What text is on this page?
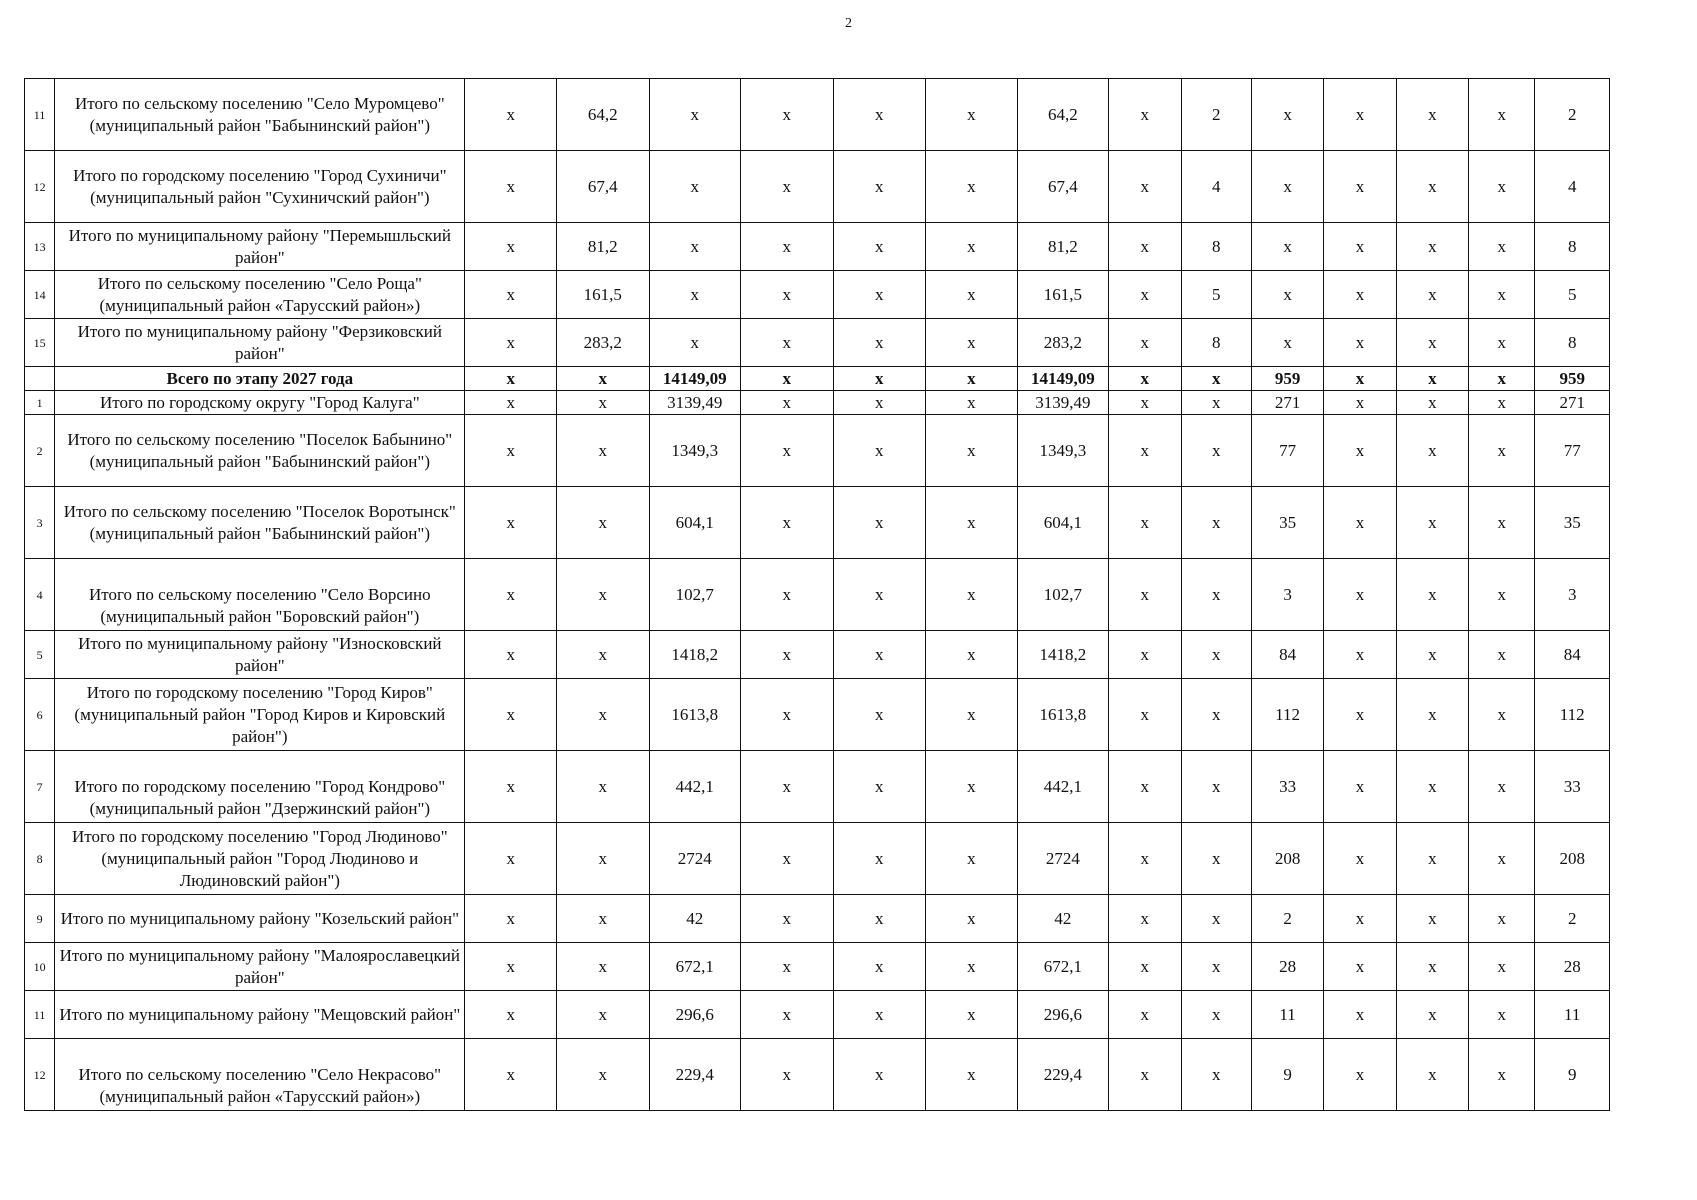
2
11	Итого по сельскому поселению "Село Муромцево" (муниципальный район "Бабынинский район")	x	64,2	x	x	x	x	64,2	x	2	x	x	x	x	2
12	Итого по городскому поселению "Город Сухиничи" (муниципальный район "Сухиничский район")	x	67,4	x	x	x	x	67,4	x	4	x	x	x	x	4
13	Итого по муниципальному району "Перемышльский район"	x	81,2	x	x	x	x	81,2	x	8	x	x	x	x	8
14	Итого по сельскому поселению "Село Роща" (муниципальный район «Тарусский район»)	x	161,5	x	x	x	x	161,5	x	5	x	x	x	x	5
15	Итого по муниципальному району "Ферзиковский район"	x	283,2	x	x	x	x	283,2	x	8	x	x	x	x	8
	Всего по этапу 2027 года	x	x	14149,09	x	x	x	14149,09	x	x	959	x	x	x	959
1	Итого по городскому округу "Город Калуга"	x	x	3139,49	x	x	x	3139,49	x	x	271	x	x	x	271
2	Итого по сельскому поселению "Поселок Бабынино" (муниципальный район "Бабынинский район")	x	x	1349,3	x	x	x	1349,3	x	x	77	x	x	x	77
3	Итого по сельскому поселению "Поселок Воротынск" (муниципальный район "Бабынинский район")	x	x	604,1	x	x	x	604,1	x	x	35	x	x	x	35
4	Итого по сельскому поселению "Село Ворсино (муниципальный район "Боровский район")	x	x	102,7	x	x	x	102,7	x	x	3	x	x	x	3
5	Итого по муниципальному району "Износковский район"	x	x	1418,2	x	x	x	1418,2	x	x	84	x	x	x	84
6	Итого по городскому поселению "Город Киров" (муниципальный район "Город Киров и Кировский район")	x	x	1613,8	x	x	x	1613,8	x	x	112	x	x	x	112
7	Итого по городскому поселению "Город Кондрово" (муниципальный район "Дзержинский район")	x	x	442,1	x	x	x	442,1	x	x	33	x	x	x	33
8	Итого по городскому поселению "Город Людиново" (муниципальный район "Город Людиново и Людиновский район")	x	x	2724	x	x	x	2724	x	x	208	x	x	x	208
9	Итого по муниципальному району "Козельский район"	x	x	42	x	x	x	42	x	x	2	x	x	x	2
10	Итого по муниципальному району "Малоярославецкий район"	x	x	672,1	x	x	x	672,1	x	x	28	x	x	x	28
11	Итого по муниципальному району "Мещовский район"	x	x	296,6	x	x	x	296,6	x	x	11	x	x	x	11
12	Итого по сельскому поселению "Село Некрасово" (муниципальный район «Тарусский район»)	x	x	229,4	x	x	x	229,4	x	x	9	x	x	x	9
